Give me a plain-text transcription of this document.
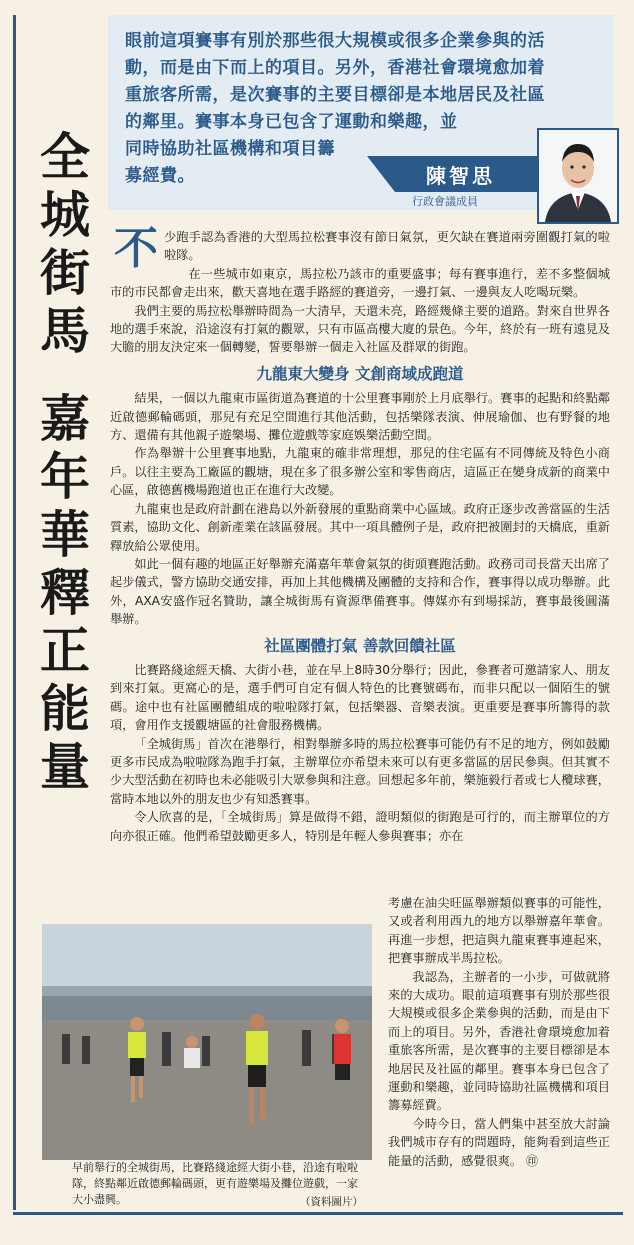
眼前這項賽事有別於那些很大規模或很多企業參與的活
動，而是由下而上的項目。另外，香港社會環境愈加着
重旅客所需，是次賽事的主要目標卻是本地居民及社區
的鄰里。賽事本身已包含了運動和樂趣，並
同時協助社區機構和項目籌
募經費。	陳智思
行政會議成員
全
城
街
馬
嘉
年
華
釋
正
能
量

不少跑手認為香港的大型馬拉松賽事沒有節日氣氛，更欠缺在賽道兩旁圍觀打氣的啦啦隊。

在一些城市如東京，馬拉松乃該市的重要盛事；每有賽事進行，差不多整個城市的市民都會走出來，歡天喜地在選手路經的賽道旁，一邊打氣、一邊與友人吃喝玩樂。

我們主要的馬拉松舉辦時間為一大清早，天還未亮，路經幾條主要的道路。對來自世界各地的選手來說，沿途沒有打氣的觀眾，只有市區高樓大廈的景色。今年，終於有一班有遠見及大膽的朋友決定來一個轉變，誓要舉辦一個走入社區及群眾的街跑。

九龍東大變身 文創商域成跑道

結果，一個以九龍東市區街道為賽道的十公里賽事剛於上月底舉行。賽事的起點和終點鄰近啟德郵輪碼頭，那兒有充足空間進行其他活動，包括樂隊表演、伸展瑜伽、也有野餐的地方、還備有其他親子遊樂場、攤位遊戲等家庭娛樂活動空間。

作為舉辦十公里賽事地點，九龍東的確非常理想，那兒的住宅區有不同傳統及特色小商戶。以往主要為工廠區的觀塘，現在多了很多辦公室和零售商店，這區正在變身成新的商業中心區，啟德舊機場跑道也正在進行大改變。

九龍東也是政府計劃在港島以外新發展的重點商業中心區域。政府正逐步改善當區的生活質素，協助文化、創新產業在該區發展。其中一項具體例子是，政府把被圍封的天橋底，重新釋放給公眾使用。

如此一個有趣的地區正好舉辦充滿嘉年華會氣氛的街頭賽跑活動。政務司司長當天出席了起步儀式，警方協助交通安排，再加上其他機構及團體的支持和合作，賽事得以成功舉辦。此外，AXA安盛作冠名贊助，讓全城街馬有資源準備賽事。傳媒亦有到場採訪，賽事最後圓滿舉辦。

社區團體打氣 善款回饋社區

比賽路綫途經天橋、大街小巷，並在早上8時30分舉行；因此，參賽者可邀請家人、朋友到來打氣。更窩心的是，選手們可自定有個人特色的比賽號碼布，而非只配以一個陌生的號碼。途中也有社區團體組成的啦啦隊打氣，包括樂器、音樂表演。更重要是賽事所籌得的款項，會用作支援觀塘區的社會服務機構。

「全城街馬」首次在港舉行，相對舉辦多時的馬拉松賽事可能仍有不足的地方，例如鼓勵更多市民成為啦啦隊為跑手打氣，主辦單位亦希望未來可以有更多當區的居民參與。但其實不少大型活動在初時也未必能吸引大眾參與和注意。回想起多年前，樂施毅行者或七人欖球賽，當時本地以外的朋友也少有知悉賽事。

令人欣喜的是，「全城街馬」算是做得不錯，證明類似的街跑是可行的，而主辦單位的方向亦很正確。他們希望鼓勵更多人，特別是年輕人參與賽事；亦在

考慮在油尖旺區舉辦類似賽事的可能性，又或者利用西九的地方以舉辦嘉年華會。再進一步想，把這與九龍東賽事連起來，把賽事辦成半馬拉松。

我認為，主辦者的一小步，可做就將來的大成功。眼前這項賽事有別於那些很大規模或很多企業參與的活動，而是由下而上的項目。另外，香港社會環境愈加着重旅客所需，是次賽事的主要目標卻是本地居民及社區的鄰里。賽事本身已包含了運動和樂趣，並同時協助社區機構和項目籌募經費。

今時今日，當人們集中甚至放大討論我們城市存有的問題時，能夠看到這些正能量的活動，感覺很爽。 ㊞

早前舉行的全城街馬，比賽路綫途經大街小巷，沿途有啦啦隊，終點鄰近啟德郵輪碼頭，更有遊樂場及攤位遊戲，一家大小盡興。	（資料圖片）
